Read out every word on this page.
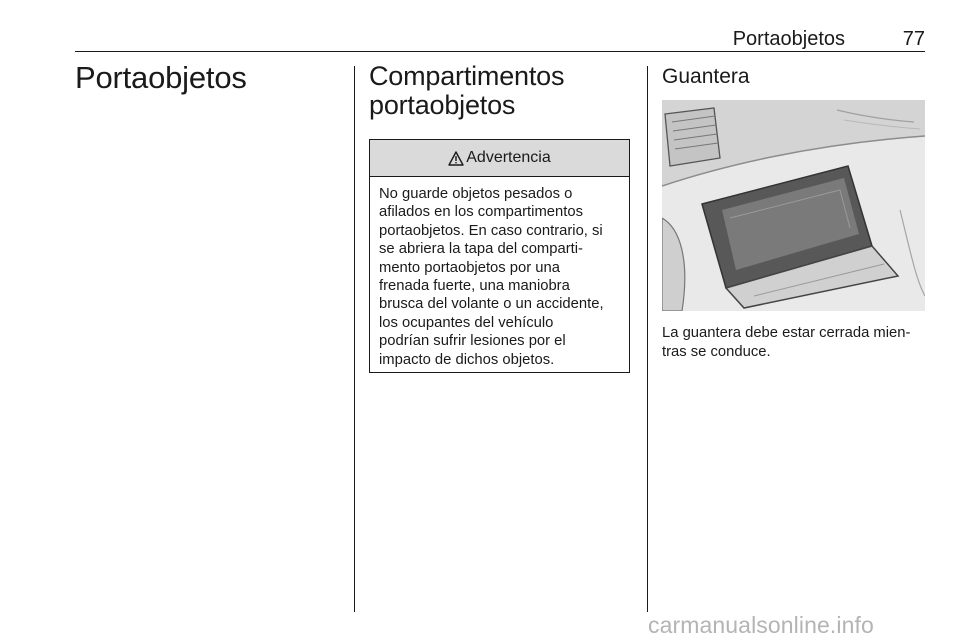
Portaobjetos	77
Portaobjetos	Compartimentos
portaobjetos
Advertencia
No guarde objetos pesados o
afilados en los compartimentos
portaobjetos. En caso contrario, si
se abriera la tapa del comparti-
mento portaobjetos por una
frenada fuerte, una maniobra
brusca del volante o un accidente,
los ocupantes del vehículo
podrían sufrir lesiones por el
impacto de dichos objetos.
Guantera
La guantera debe estar cerrada mien-
tras se conduce.
carmanualsonline.info
